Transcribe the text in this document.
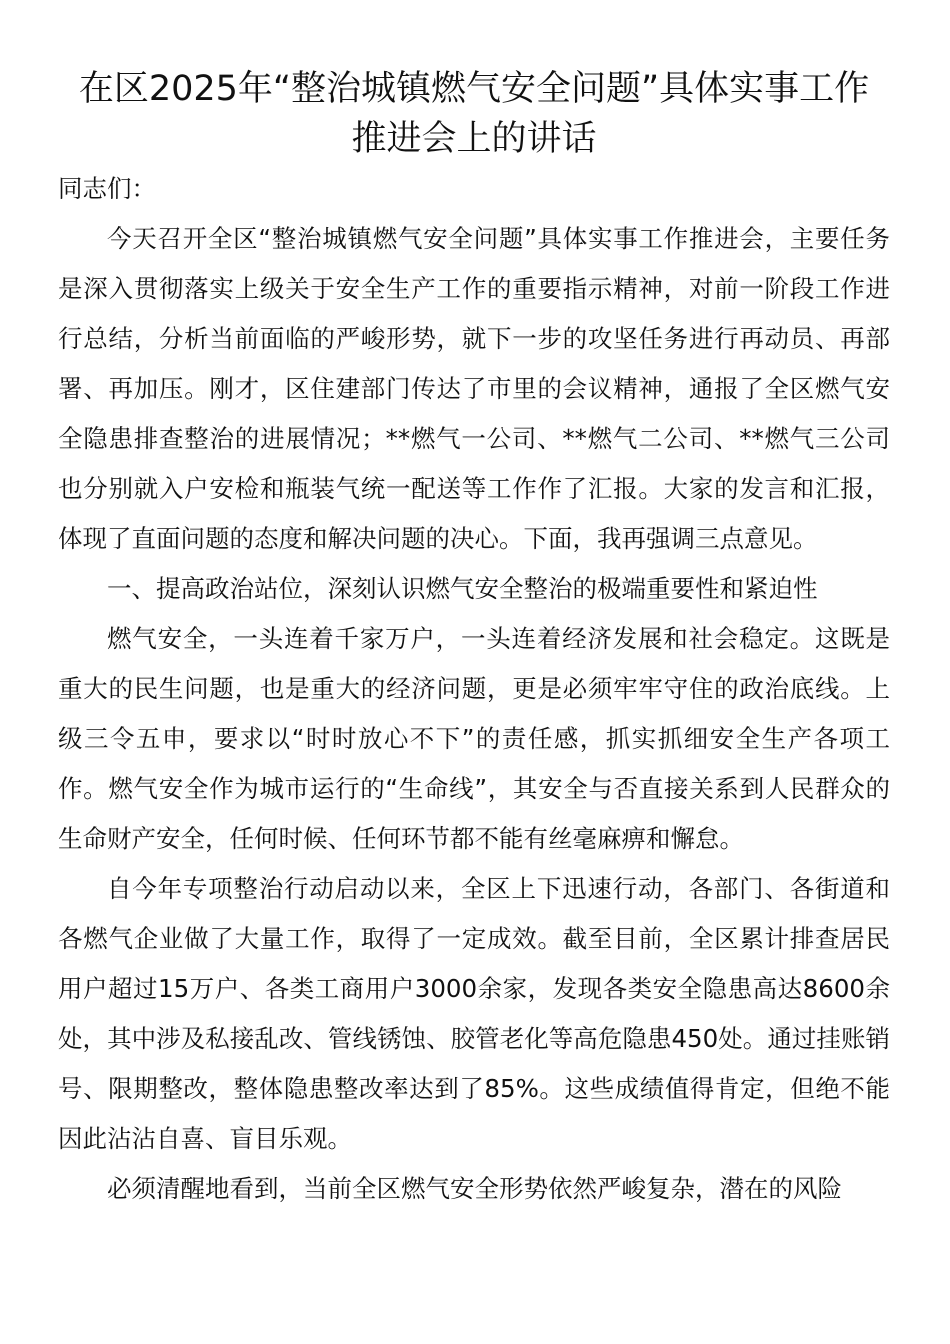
在区2025年“整治城镇燃气安全问题”具体实事工作推进会上的讲话

同志们：

今天召开全区“整治城镇燃气安全问题”具体实事工作推进会，主要任务是深入贯彻落实上级关于安全生产工作的重要指示精神，对前一阶段工作进行总结，分析当前面临的严峻形势，就下一步的攻坚任务进行再动员、再部署、再加压。刚才，区住建部门传达了市里的会议精神，通报了全区燃气安全隐患排查整治的进展情况；**燃气一公司、**燃气二公司、**燃气三公司也分别就入户安检和瓶装气统一配送等工作作了汇报。大家的发言和汇报，体现了直面问题的态度和解决问题的决心。下面，我再强调三点意见。

一、提高政治站位，深刻认识燃气安全整治的极端重要性和紧迫性

燃气安全，一头连着千家万户，一头连着经济发展和社会稳定。这既是重大的民生问题，也是重大的经济问题，更是必须牢牢守住的政治底线。上级三令五申，要求以“时时放心不下”的责任感，抓实抓细安全生产各项工作。燃气安全作为城市运行的“生命线”，其安全与否直接关系到人民群众的生命财产安全，任何时候、任何环节都不能有丝毫麻痹和懈怠。

自今年专项整治行动启动以来，全区上下迅速行动，各部门、各街道和各燃气企业做了大量工作，取得了一定成效。截至目前，全区累计排查居民用户超过15万户、各类工商用户3000余家，发现各类安全隐患高达8600余处，其中涉及私接乱改、管线锈蚀、胶管老化等高危隐患450处。通过挂账销号、限期整改，整体隐患整改率达到了85%。这些成绩值得肯定，但绝不能因此沾沾自喜、盲目乐观。

必须清醒地看到，当前全区燃气安全形势依然严峻复杂，潜在的风险
